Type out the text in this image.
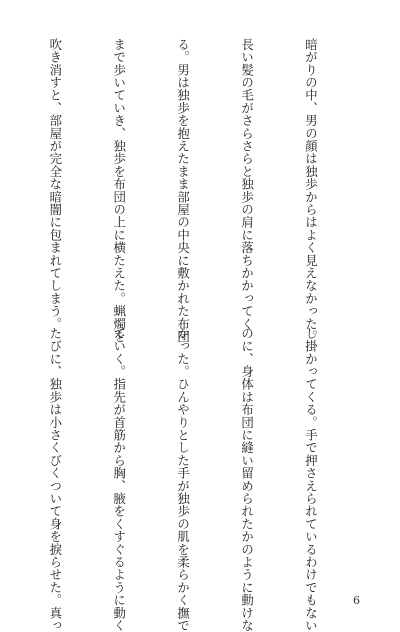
暗がりの中、男の顔は独歩からはよく見えなかった。

長い髪の毛がさらさらと独歩の肩に落ちかかってく

る。男は独歩を抱えたまま部屋の中央に敷かれた布団

まで歩いていき、独歩を布団の上に横たえた。蝋燭を

吹き消すと、部屋が完全な暗闇に包まれてしまう。

し掛かってくる。手で押さえられているわけでもない

のに、身体は布団に縫い留められたかのように動けな

かった。ひんやりとした手が独歩の肌を柔らかく撫で

ていく。指先が首筋から胸、腋をくすぐるように動く

たびに、独歩は小さくびくついて身を捩らせた。真っ

	6
